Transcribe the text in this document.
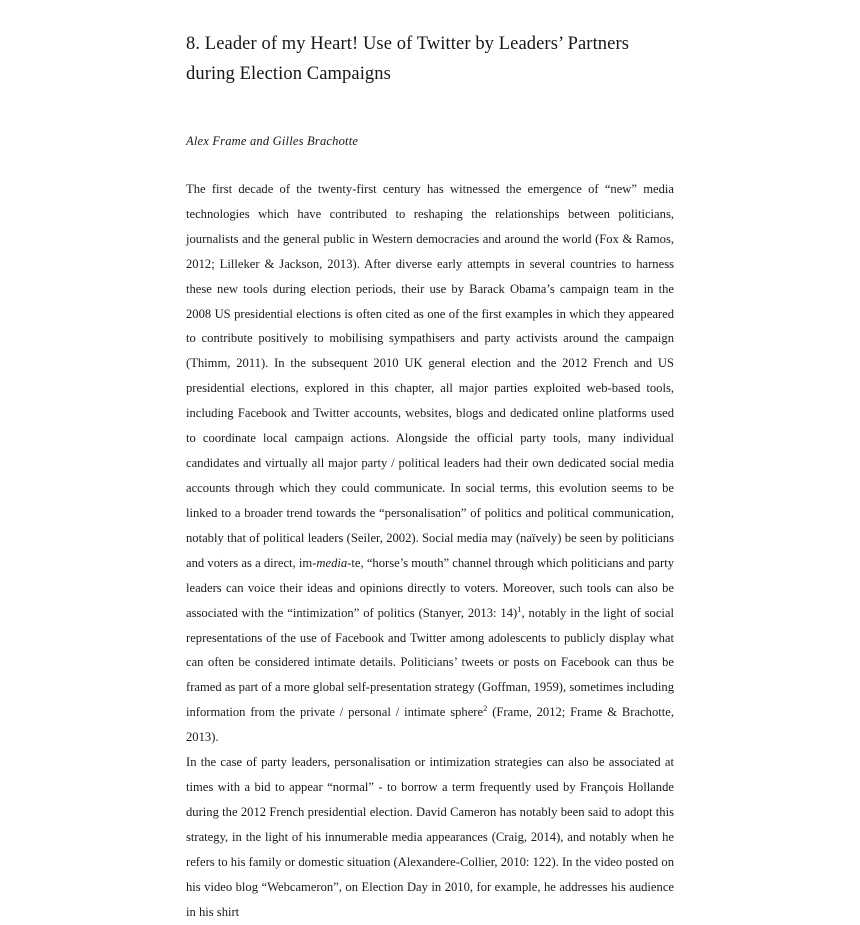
8. Leader of my Heart! Use of Twitter by Leaders’ Partners during Election Campaigns

Alex Frame and Gilles Brachotte

The first decade of the twenty-first century has witnessed the emergence of “new” media technologies which have contributed to reshaping the relationships between politicians, journalists and the general public in Western democracies and around the world (Fox & Ramos, 2012; Lilleker & Jackson, 2013). After diverse early attempts in several countries to harness these new tools during election periods, their use by Barack Obama’s campaign team in the 2008 US presidential elections is often cited as one of the first examples in which they appeared to contribute positively to mobilising sympathisers and party activists around the campaign (Thimm, 2011). In the subsequent 2010 UK general election and the 2012 French and US presidential elections, explored in this chapter, all major parties exploited web-based tools, including Facebook and Twitter accounts, websites, blogs and dedicated online platforms used to coordinate local campaign actions. Alongside the official party tools, many individual candidates and virtually all major party / political leaders had their own dedicated social media accounts through which they could communicate. In social terms, this evolution seems to be linked to a broader trend towards the “personalisation” of politics and political communication, notably that of political leaders (Seiler, 2002). Social media may (naïvely) be seen by politicians and voters as a direct, im-media-te, “horse’s mouth” channel through which politicians and party leaders can voice their ideas and opinions directly to voters. Moreover, such tools can also be associated with the “intimization” of politics (Stanyer, 2013: 14)$^1$, notably in the light of social representations of the use of Facebook and Twitter among adolescents to publicly display what can often be considered intimate details. Politicians’ tweets or posts on Facebook can thus be framed as part of a more global self-presentation strategy (Goffman, 1959), sometimes including information from the private / personal / intimate sphere$^2$ (Frame, 2012; Frame & Brachotte, 2013).

In the case of party leaders, personalisation or intimization strategies can also be associated at times with a bid to appear “normal” - to borrow a term frequently used by François Hollande during the 2012 French presidential election. David Cameron has notably been said to adopt this strategy, in the light of his innumerable media appearances (Craig, 2014), and notably when he refers to his family or domestic situation (Alexandere-Collier, 2010: 122). In the video posted on his video blog “Webcameron”, on Election Day in 2010, for example, he addresses his audience in his shirt
